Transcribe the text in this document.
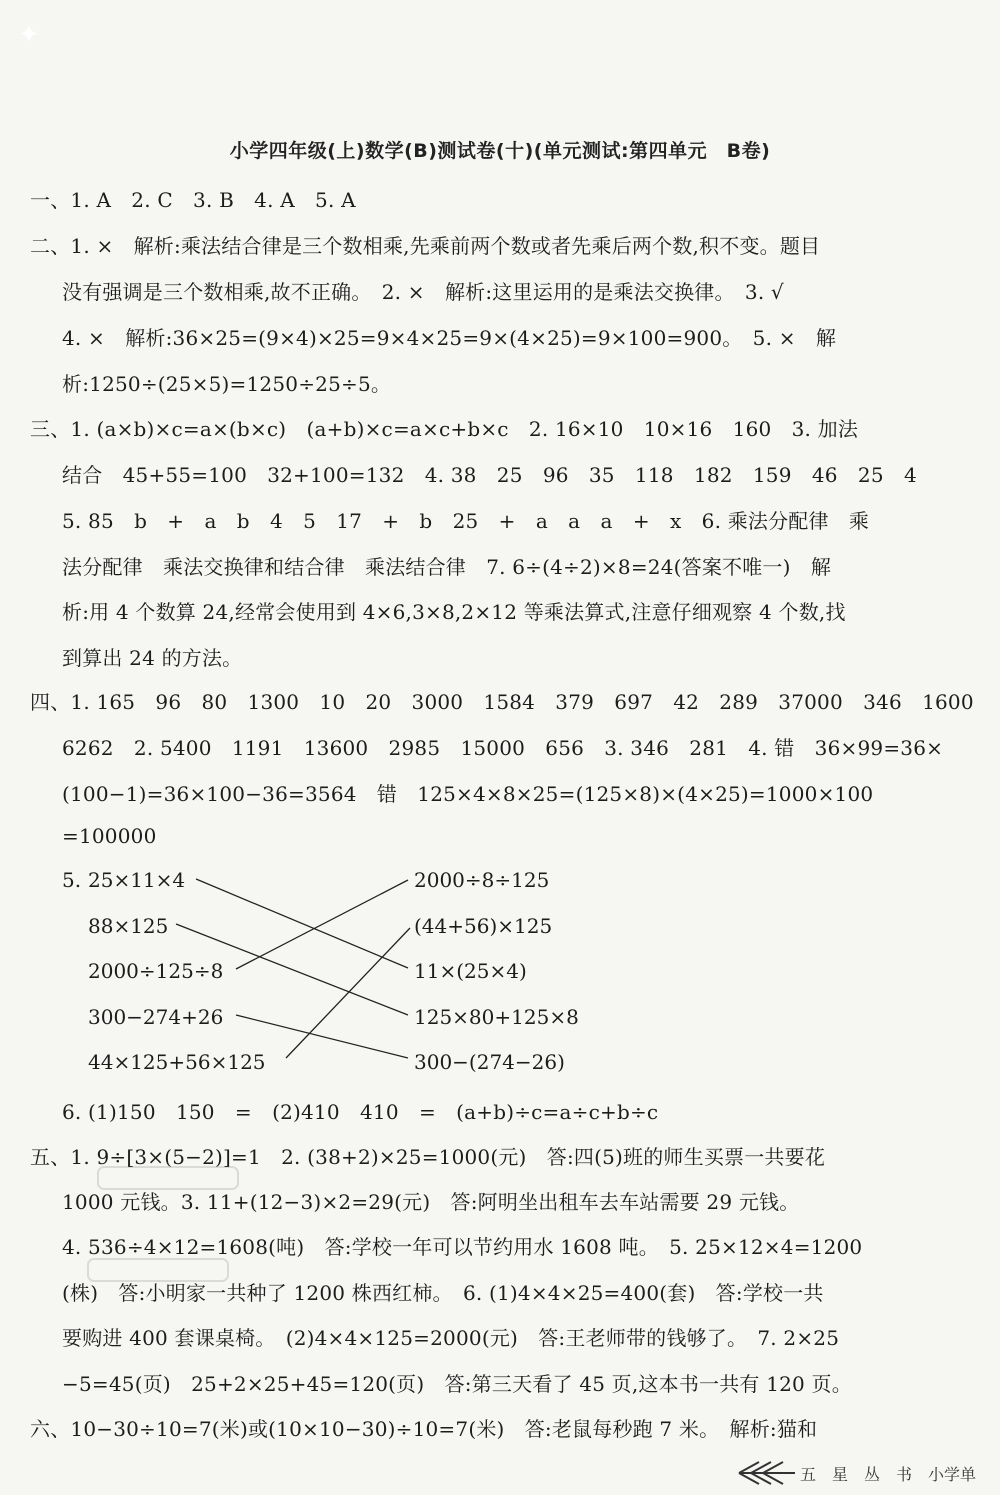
✦
小学四年级(上)数学(B)测试卷(十)(单元测试:第四单元　B卷)
一、1. A　2. C　3. B　4. A　5. A
二、1. ×　解析:乘法结合律是三个数相乘,先乘前两个数或者先乘后两个数,积不变。题目
没有强调是三个数相乘,故不正确。　2. ×　解析:这里运用的是乘法交换律。　3. √
4. ×　解析:36×25=(9×4)×25=9×4×25=9×(4×25)=9×100=900。　5. ×　解
析:1250÷(25×5)=1250÷25÷5。
三、1. (a×b)×c=a×(b×c)　(a+b)×c=a×c+b×c　2. 16×10　10×16　160　3. 加法
结合　45+55=100　32+100=132　4. 38　25　96　35　118　182　159　46　25　4
5. 85　b　+　a　b　4　5　17　+　b　25　+　a　a　a　+　x　6. 乘法分配律　乘
法分配律　乘法交换律和结合律　乘法结合律　7. 6÷(4÷2)×8=24(答案不唯一)　解
析:用 4 个数算 24,经常会使用到 4×6,3×8,2×12 等乘法算式,注意仔细观察 4 个数,找
到算出 24 的方法。
四、1. 165　96　80　1300　10　20　3000　1584　379　697　42　289　37000　346　1600
6262　2. 5400　1191　13600　2985　15000　656　3. 346　281　4. 错　36×99=36×
(100−1)=36×100−36=3564　错　125×4×8×25=(125×8)×(4×25)=1000×100
=100000
5. 25×11×4
88×125
2000÷125÷8
300−274+26
44×125+56×125
2000÷8÷125
(44+56)×125
11×(25×4)
125×80+125×8
300−(274−26)
6. (1)150　150　=　(2)410　410　=　(a+b)÷c=a÷c+b÷c
五、1. 9÷[3×(5−2)]=1　2. (38+2)×25=1000(元)　答:四(5)班的师生买票一共要花
1000 元钱。3. 11+(12−3)×2=29(元)　答:阿明坐出租车去车站需要 29 元钱。
4. 536÷4×12=1608(吨)　答:学校一年可以节约用水 1608 吨。　5. 25×12×4=1200
(株)　答:小明家一共种了 1200 株西红柿。　6. (1)4×4×25=400(套)　答:学校一共
要购进 400 套课桌椅。　(2)4×4×125=2000(元)　答:王老师带的钱够了。　7. 2×25
−5=45(页)　25+2×25+45=120(页)　答:第三天看了 45 页,这本书一共有 120 页。
六、10−30÷10=7(米)或(10×10−30)÷10=7(米)　答:老鼠每秒跑 7 米。　解析:猫和
五　星　丛　书　小学单
